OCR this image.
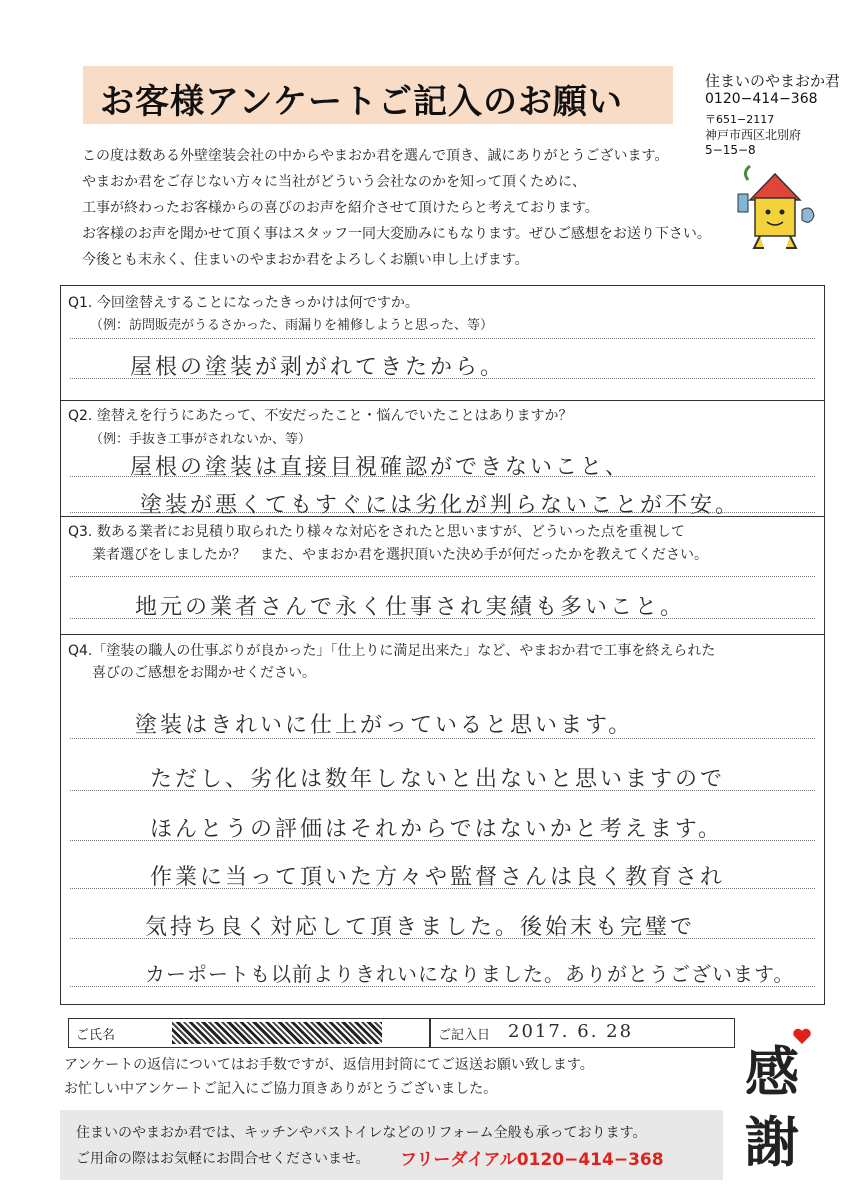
お客様アンケートご記入のお願い
住まいのやまおか君
0120−414−368
〒651−2117
神戸市西区北別府
5−15−8
この度は数ある外壁塗装会社の中からやまおか君を選んで頂き、誠にありがとうございます。
やまおか君をご存じない方々に当社がどういう会社なのかを知って頂くために、
工事が終わったお客様からの喜びのお声を紹介させて頂けたらと考えております。
お客様のお声を聞かせて頂く事はスタッフ一同大変励みにもなります。ぜひご感想をお送り下さい。
今後とも末永く、住まいのやまおか君をよろしくお願い申し上げます。
Q1. 今回塗替えすることになったきっかけは何ですか。
（例：訪問販売がうるさかった、雨漏りを補修しようと思った、等）
屋根の塗装が剥がれてきたから。
Q2. 塗替えを行うにあたって、不安だったこと・悩んでいたことはありますか？
（例：手抜き工事がされないか、等）
屋根の塗装は直接目視確認ができないこと、
塗装が悪くてもすぐには劣化が判らないことが不安。
Q3. 数ある業者にお見積り取られたり様々な対応をされたと思いますが、どういった点を重視して
業者選びをしましたか？　また、やまおか君を選択頂いた決め手が何だったかを教えてください。
地元の業者さんで永く仕事され実績も多いこと。
Q4.「塗装の職人の仕事ぶりが良かった」「仕上りに満足出来た」など、やまおか君で工事を終えられた
喜びのご感想をお聞かせください。
塗装はきれいに仕上がっていると思います。
ただし、劣化は数年しないと出ないと思いますので
ほんとうの評価はそれからではないかと考えます。
作業に当って頂いた方々や監督さんは良く教育され
気持ち良く対応して頂きました。後始末も完璧で
カーポートも以前よりきれいになりました。ありがとうございます。
ご氏名	ご記入日 2017. 6. 28
アンケートの返信についてはお手数ですが、返信用封筒にてご返送お願い致します。
お忙しい中アンケートご記入にご協力頂きありがとうございました。	感
謝
住まいのやまおか君では、キッチンやバストイレなどのリフォーム全般も承っております。
ご用命の際はお気軽にお問合せくださいませ。 フリーダイアル0120−414−368
